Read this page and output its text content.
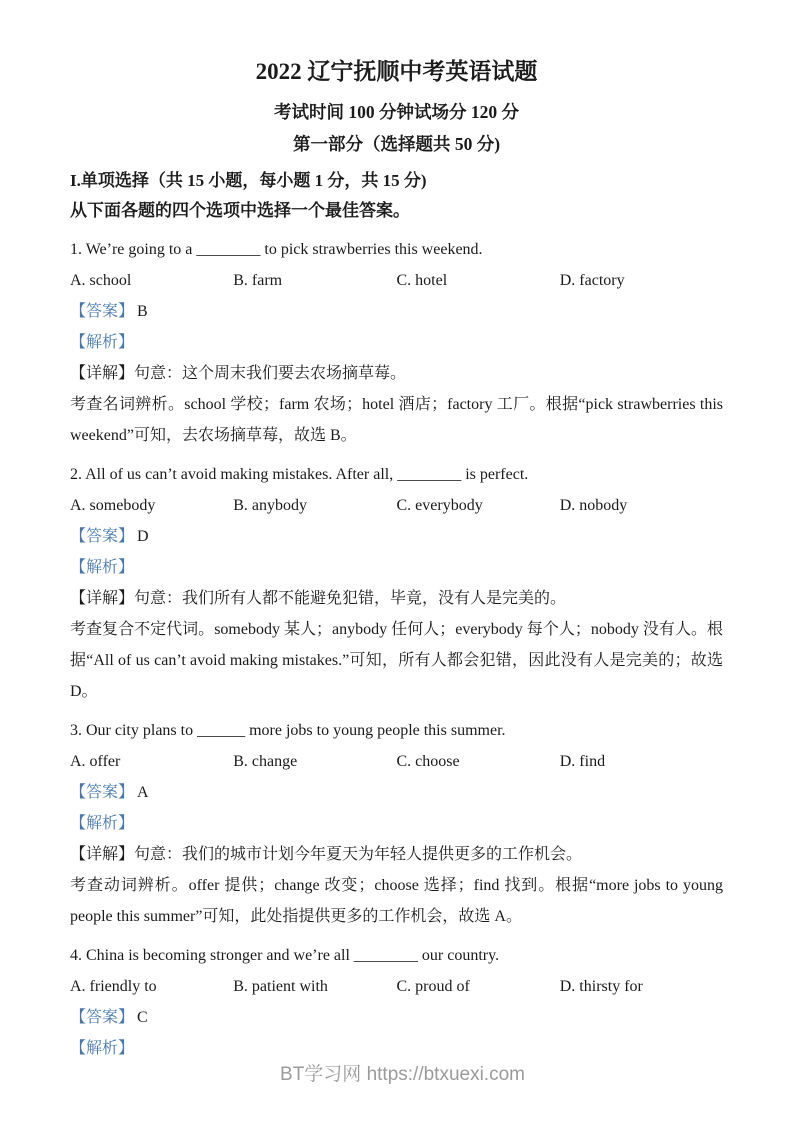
2022 辽宁抚顺中考英语试题

考试时间 100 分钟试场分 120 分

第一部分（选择题共 50 分)

I.单项选择（共 15 小题，每小题 1 分，共 15 分)

从下面各题的四个选项中选择一个最佳答案。

1. We’re going to a ________ to pick strawberries this weekend.

A. school	B. farm	C. hotel	D. factory

【答案】 B

【解析】

【详解】句意：这个周末我们要去农场摘草莓。

考查名词辨析。school 学校；farm 农场；hotel 酒店；factory 工厂。根据“pick strawberries this weekend”可知，去农场摘草莓，故选 B。

2. All of us can’t avoid making mistakes. After all, ________ is perfect.

A. somebody	B. anybody	C. everybody	D. nobody

【答案】 D

【解析】

【详解】句意：我们所有人都不能避免犯错，毕竟，没有人是完美的。

考查复合不定代词。somebody 某人；anybody 任何人；everybody 每个人；nobody 没有人。根据“All of us can’t avoid making mistakes.”可知，所有人都会犯错，因此没有人是完美的；故选 D。

3. Our city plans to ______ more jobs to young people this summer.

A. offer	B. change	C. choose	D. find

【答案】 A

【解析】

【详解】句意：我们的城市计划今年夏天为年轻人提供更多的工作机会。

考查动词辨析。offer 提供；change 改变；choose 选择；find 找到。根据“more jobs to young people this summer”可知，此处指提供更多的工作机会，故选 A。

4. China is becoming stronger and we’re all ________ our country.

A. friendly to	B. patient with	C. proud of	D. thirsty for

【答案】 C

【解析】

BT学习网 https://btxuexi.com
